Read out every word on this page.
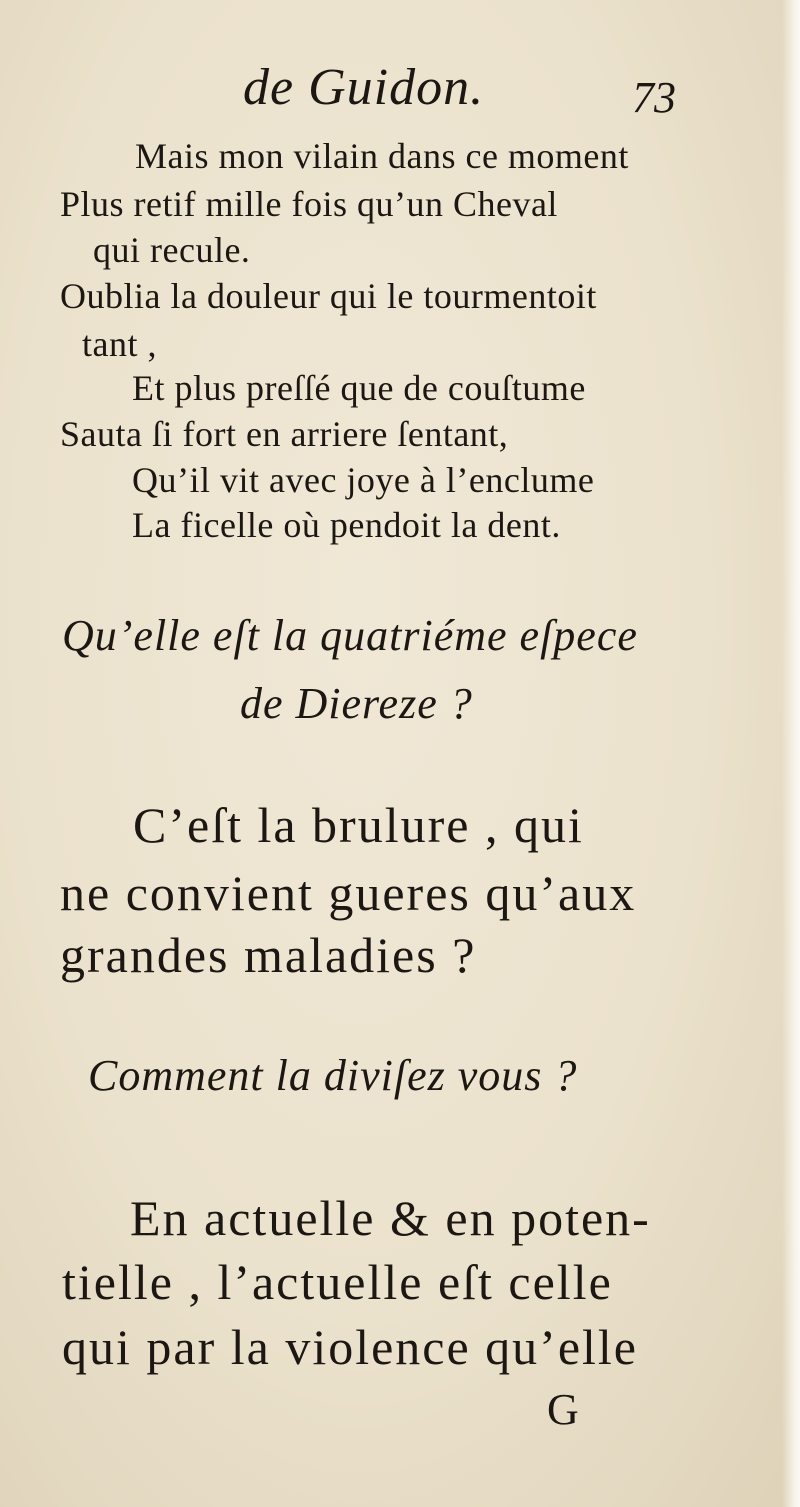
de Guidon.	73
Mais mon vilain dans ce moment
Plus retif mille fois qu’un Cheval
qui recule.
Oublia la douleur qui le tourmentoit
tant ,
Et plus preſſé que de couſtume
Sauta ſi fort en arriere ſentant,
Qu’il vit avec joye à l’enclume
La ficelle où pendoit la dent.
Qu’elle eſt la quatriéme eſpece
de Diereze ?
C’eſt la brulure , qui
ne convient gueres qu’aux
grandes maladies ?
Comment la diviſez vous ?
En actuelle & en poten-
tielle , l’actuelle eſt celle
qui par la violence qu’elle
G
